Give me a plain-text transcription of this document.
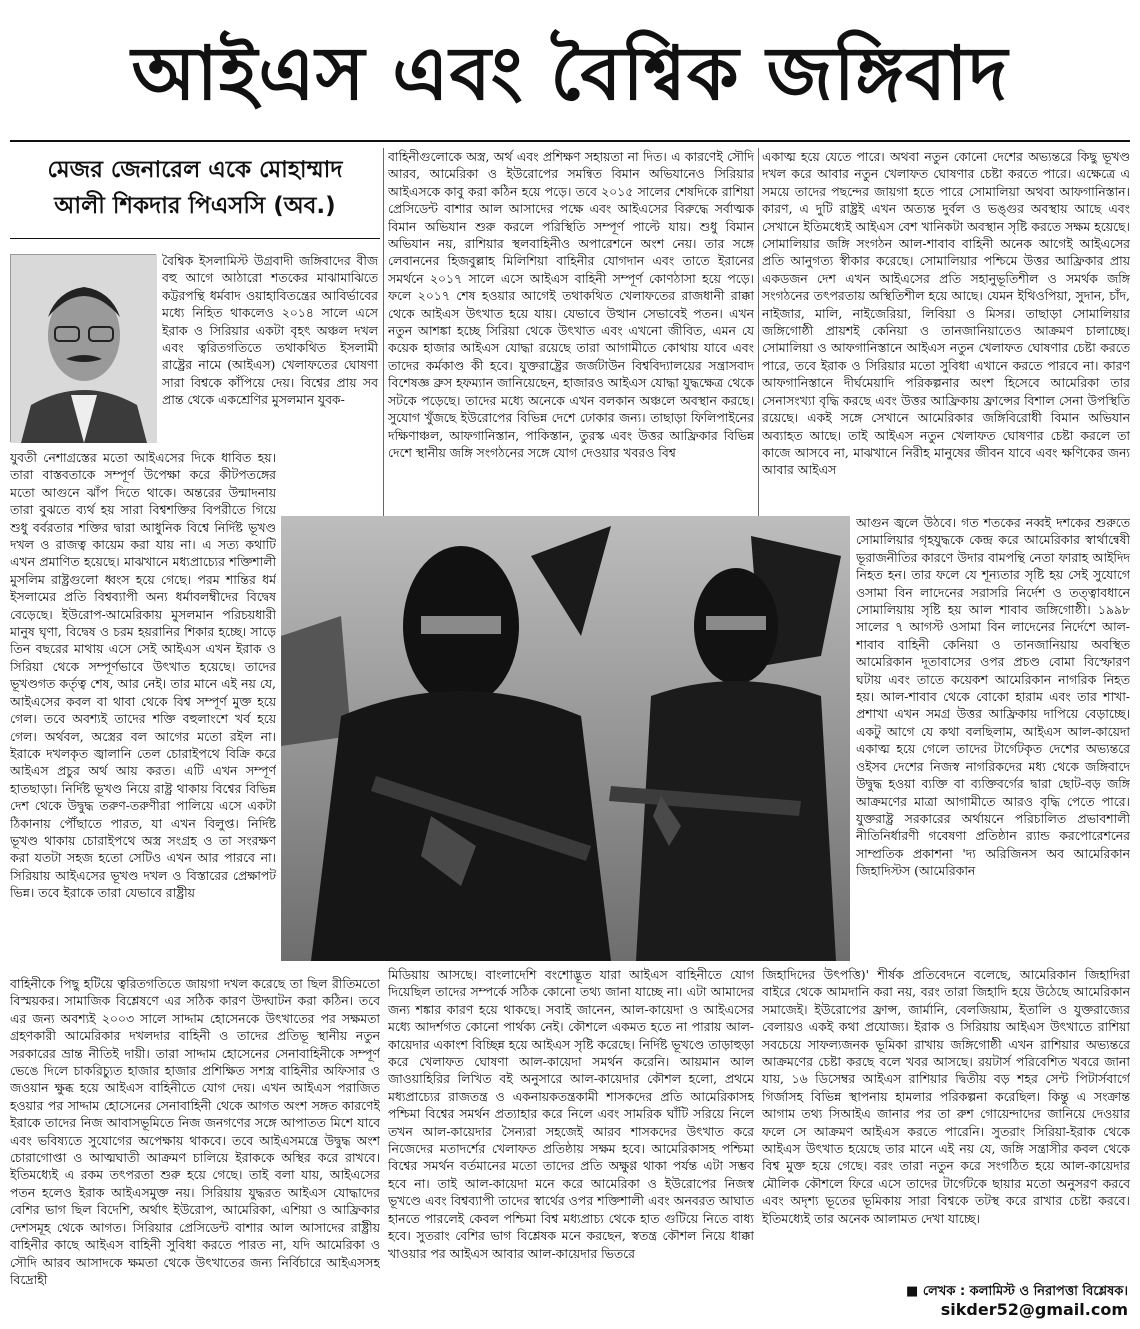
আইএস এবং বৈশ্বিক জঙ্গিবাদ
মেজর জেনারেল একে মোহাম্মাদ
আলী শিকদার পিএসসি (অব.)
বৈশ্বিক ইসলামিস্ট উগ্রবাদী জঙ্গিবাদের বীজ বহু আগে আঠারো শতকের মাঝামাঝিতে কট্টরপন্থি ধর্মবাদ ওয়াহাবিতন্ত্রের আবির্ভাবের মধ্যে নিহিত থাকলেও ২০১৪ সালে এসে ইরাক ও সিরিয়ার একটা বৃহৎ অঞ্চল দখল এবং ত্বরিতগতিতে তথাকথিত ইসলামী রাষ্ট্রের নামে (আইএস) খেলাফতের ঘোষণা সারা বিশ্বকে কাঁপিয়ে দেয়। বিশ্বের প্রায় সব প্রান্ত থেকে একশ্রেণির মুসলমান যুবক-
যুবতী নেশাগ্রস্তের মতো আইএসের দিকে ধাবিত হয়। তারা বাস্তবতাকে সম্পূর্ণ উপেক্ষা করে কীটপতঙ্গের মতো আগুনে ঝাঁপ দিতে থাকে। অন্তরের উন্মাদনায় তারা বুঝতে ব্যর্থ হয় সারা বিশ্বশক্তির বিপরীতে গিয়ে শুধু বর্বরতার শক্তির দ্বারা আধুনিক বিশ্বে নির্দিষ্ট ভূখণ্ড দখল ও রাজত্ব কায়েম করা যায় না। এ সত্য কথাটি এখন প্রমাণিত হয়েছে। মাঝখানে মধ্যপ্রাচ্যের শক্তিশালী মুসলিম রাষ্ট্রগুলো ধ্বংস হয়ে গেছে। পরম শান্তির ধর্ম ইসলামের প্রতি বিশ্বব্যাপী অন্য ধর্মাবলম্বীদের বিদ্বেষ বেড়েছে। ইউরোপ-আমেরিকায় মুসলমান পরিচয়ধারী মানুষ ঘৃণা, বিদ্বেষ ও চরম হয়রানির শিকার হচ্ছে। সাড়ে তিন বছরের মাথায় এসে সেই আইএস এখন ইরাক ও সিরিয়া থেকে সম্পূর্ণভাবে উৎখাত হয়েছে। তাদের ভূখণ্ডগত কর্তৃত্ব শেষ, আর নেই। তার মানে এই নয় যে, আইএসের কবল বা থাবা থেকে বিশ্ব সম্পূর্ণ মুক্ত হয়ে গেল। তবে অবশ্যই তাদের শক্তি বহুলাংশে খর্ব হয়ে গেল। অর্থবল, অস্ত্রের বল আগের মতো রইল না। ইরাকে দখলকৃত জ্বালানি তেল চোরাইপথে বিক্রি করে আইএস প্রচুর অর্থ আয় করত। এটি এখন সম্পূর্ণ হাতছাড়া। নির্দিষ্ট ভূখণ্ড নিয়ে রাষ্ট্র থাকায় বিশ্বের বিভিন্ন দেশ থেকে উদ্বুদ্ধ তরুণ-তরুণীরা পালিয়ে এসে একটা ঠিকানায় পৌঁছাতে পারত, যা এখন বিলুপ্ত। নির্দিষ্ট ভূখণ্ড থাকায় চোরাইপথে অস্ত্র সংগ্রহ ও তা সংরক্ষণ করা যতটা সহজ হতো সেটিও এখন আর পারবে না। সিরিয়ায় আইএসের ভূখণ্ড দখল ও বিস্তারের প্রেক্ষাপট ভিন্ন। তবে ইরাকে তারা যেভাবে রাষ্ট্রীয়
বাহিনীকে পিছু হটিয়ে ত্বরিতগতিতে জায়গা দখল করেছে তা ছিল রীতিমতো বিস্ময়কর। সামাজিক বিশ্লেষণে এর সঠিক কারণ উদ্ঘাটন করা কঠিন। তবে এর জন্য অবশ্যই ২০০৩ সালে সাদ্দাম হোসেনকে উৎখাতের পর সক্ষমতা গ্রহণকারী আমেরিকার দখলদার বাহিনী ও তাদের প্রতিভূ স্থানীয় নতুন সরকারের ভ্রান্ত নীতিই দায়ী। তারা সাদ্দাম হোসেনের সেনাবাহিনীকে সম্পূর্ণ ভেঙে দিলে চাকরিচ্যুত হাজার হাজার প্রশিক্ষিত সশস্ত্র বাহিনীর অফিসার ও জওয়ান ক্ষুব্ধ হয়ে আইএস বাহিনীতে যোগ দেয়। এখন আইএস পরাজিত হওয়ার পর সাদ্দাম হোসেনের সেনাবাহিনী থেকে আগত অংশ সঙ্গত কারণেই ইরাকে তাদের নিজ আবাসভূমিতে নিজ জনগণের সঙ্গে আপাতত মিশে যাবে এবং ভবিষ্যতে সুযোগের অপেক্ষায় থাকবে। তবে আইএসমন্ত্রে উদ্বুদ্ধ অংশ চোরাগোপ্তা ও আত্মঘাতী আক্রমণ চালিয়ে ইরাককে অস্থির করে রাখবে। ইতিমধ্যেই এ রকম তৎপরতা শুরু হয়ে গেছে। তাই বলা যায়, আইএসের পতন হলেও ইরাক আইএসমুক্ত নয়। সিরিয়ায় যুদ্ধরত আইএস যোদ্ধাদের বেশির ভাগ ছিল বিদেশি, অর্থাৎ ইউরোপ, আমেরিকা, এশিয়া ও আফ্রিকার দেশসমূহ থেকে আগত। সিরিয়ার প্রেসিডেন্ট বাশার আল আসাদের রাষ্ট্রীয় বাহিনীর কাছে আইএস বাহিনী সুবিধা করতে পারত না, যদি আমেরিকা ও সৌদি আরব আসাদকে ক্ষমতা থেকে উৎখাতের জন্য নির্বিচারে আইএসসহ বিদ্রোহী
বাহিনীগুলোকে অস্ত্র, অর্থ এবং প্রশিক্ষণ সহায়তা না দিত। এ কারণেই সৌদি আরব, আমেরিকা ও ইউরোপের সমন্বিত বিমান অভিযানেও সিরিয়ার আইএসকে কাবু করা কঠিন হয়ে পড়ে। তবে ২০১৫ সালের শেষদিকে রাশিয়া প্রেসিডেন্ট বাশার আল আসাদের পক্ষে এবং আইএসের বিরুদ্ধে সর্বাত্মক বিমান অভিযান শুরু করলে পরিস্থিতি সম্পূর্ণ পাল্টে যায়। শুধু বিমান অভিযান নয়, রাশিয়ার স্থলবাহিনীও অপারেশনে অংশ নেয়। তার সঙ্গে লেবাননের হিজবুল্লাহ মিলিশিয়া বাহিনীর যোগদান এবং তাতে ইরানের সমর্থনে ২০১৭ সালে এসে আইএস বাহিনী সম্পূর্ণ কোণঠাসা হয়ে পড়ে। ফলে ২০১৭ শেষ হওয়ার আগেই তথাকথিত খেলাফতের রাজধানী রাক্কা থেকে আইএস উৎখাত হয়ে যায়। যেভাবে উত্থান সেভাবেই পতন। এখন নতুন আশঙ্কা হচ্ছে সিরিয়া থেকে উৎখাত এবং এখনো জীবিত, এমন যে কয়েক হাজার আইএস যোদ্ধা রয়েছে তারা আগামীতে কোথায় যাবে এবং তাদের কর্মকাণ্ড কী হবে। যুক্তরাষ্ট্রের জর্জটাউন বিশ্ববিদ্যালয়ের সন্ত্রাসবাদ বিশেষজ্ঞ ব্রুস হফম্যান জানিয়েছেন, হাজারও আইএস যোদ্ধা যুদ্ধক্ষেত্র থেকে সটকে পড়েছে। তাদের মধ্যে অনেকে এখন বলকান অঞ্চলে অবস্থান করছে। সুযোগ খুঁজছে ইউরোপের বিভিন্ন দেশে ঢোকার জন্য। তাছাড়া ফিলিপাইনের দক্ষিণাঞ্চল, আফগানিস্তান, পাকিস্তান, তুরস্ক এবং উত্তর আফ্রিকার বিভিন্ন দেশে স্থানীয় জঙ্গি সংগঠনের সঙ্গে যোগ দেওয়ার খবরও বিশ্ব
মিডিয়ায় আসছে। বাংলাদেশি বংশোদ্ভূত যারা আইএস বাহিনীতে যোগ দিয়েছিল তাদের সম্পর্কে সঠিক কোনো তথ্য জানা যাচ্ছে না। এটা আমাদের জন্য শঙ্কার কারণ হয়ে থাকছে। সবাই জানেন, আল-কায়েদা ও আইএসের মধ্যে আদর্শগত কোনো পার্থক্য নেই। কৌশলে একমত হতে না পারায় আল-কায়েদার একাংশ বিচ্ছিন্ন হয়ে আইএস সৃষ্টি করেছে। নির্দিষ্ট ভূখণ্ডে তাড়াহুড়া করে খেলাফত ঘোষণা আল-কায়েদা সমর্থন করেনি। আয়মান আল জাওয়াহিরির লিখিত বই অনুসারে আল-কায়েদার কৌশল হলো, প্রথমে মধ্যপ্রাচ্যের রাজতন্ত্র ও একনায়কতন্ত্রকামী শাসকদের প্রতি আমেরিকাসহ পশ্চিমা বিশ্বের সমর্থন প্রত্যাহার করে নিলে এবং সামরিক ঘাঁটি সরিয়ে নিলে তখন আল-কায়েদার সৈন্যরা সহজেই আরব শাসকদের উৎখাত করে নিজেদের মতাদর্শের খেলাফত প্রতিষ্ঠায় সক্ষম হবে। আমেরিকাসহ পশ্চিমা বিশ্বের সমর্থন বর্তমানের মতো তাদের প্রতি অক্ষুণ্ণ থাকা পর্যন্ত এটা সম্ভব হবে না। তাই আল-কায়েদা মনে করে আমেরিকা ও ইউরোপের নিজস্ব ভূখণ্ডে এবং বিশ্বব্যাপী তাদের স্বার্থের ওপর শক্তিশালী এবং অনবরত আঘাত হানতে পারলেই কেবল পশ্চিমা বিশ্ব মধ্যপ্রাচ্য থেকে হাত গুটিয়ে নিতে বাধ্য হবে। সুতরাং বেশির ভাগ বিশ্লেষক মনে করছেন, স্বতন্ত্র কৌশল নিয়ে ধাক্কা খাওয়ার পর আইএস আবার আল-কায়েদার ভিতরে
একাত্ম হয়ে যেতে পারে। অথবা নতুন কোনো দেশের অভ্যন্তরে কিছু ভূখণ্ড দখল করে আবার নতুন খেলাফত ঘোষণার চেষ্টা করতে পারে। এক্ষেত্রে এ সময়ে তাদের পছন্দের জায়গা হতে পারে সোমালিয়া অথবা আফগানিস্তান। কারণ, এ দুটি রাষ্ট্রই এখন অত্যন্ত দুর্বল ও ভঙ্গুর অবস্থায় আছে এবং সেখানে ইতিমধ্যেই আইএস বেশ খানিকটা অবস্থান সৃষ্টি করতে সক্ষম হয়েছে। সোমালিয়ার জঙ্গি সংগঠন আল-শাবাব বাহিনী অনেক আগেই আইএসের প্রতি আনুগত্য স্বীকার করেছে। সোমালিয়ার পশ্চিমে উত্তর আফ্রিকার প্রায় একডজন দেশ এখন আইএসের প্রতি সহানুভূতিশীল ও সমর্থক জঙ্গি সংগঠনের তৎপরতায় অস্থিতিশীল হয়ে আছে। যেমন ইথিওপিয়া, সুদান, চাঁদ, নাইজার, মালি, নাইজেরিয়া, লিবিয়া ও মিসর। তাছাড়া সোমালিয়ার জঙ্গিগোষ্ঠী প্রায়শই কেনিয়া ও তানজানিয়াতেও আক্রমণ চালাচ্ছে। সোমালিয়া ও আফগানিস্তানে আইএস নতুন খেলাফত ঘোষণার চেষ্টা করতে পারে, তবে ইরাক ও সিরিয়ার মতো সুবিধা এখানে করতে পারবে না। কারণ আফগানিস্তানে দীর্ঘমেয়াদি পরিকল্পনার অংশ হিসেবে আমেরিকা তার সেনাসংখ্যা বৃদ্ধি করছে এবং উত্তর আফ্রিকায় ফ্রান্সের বিশাল সেনা উপস্থিতি রয়েছে। একই সঙ্গে সেখানে আমেরিকার জঙ্গিবিরোধী বিমান অভিযান অব্যাহত আছে। তাই আইএস নতুন খেলাফত ঘোষণার চেষ্টা করলে তা কাজে আসবে না, মাঝখানে নিরীহ মানুষের জীবন যাবে এবং ক্ষণিকের জন্য আবার আইএস
আগুন জ্বলে উঠবে। গত শতকের নব্বই দশকের শুরুতে সোমালিয়ার গৃহযুদ্ধকে কেন্দ্র করে আমেরিকার স্বার্থান্বেষী ভূরাজনীতির কারণে উদার বামপন্থি নেতা ফারাহ আইদিদ নিহত হন। তার ফলে যে শূন্যতার সৃষ্টি হয় সেই সুযোগে ওসামা বিন লাদেনের সরাসরি নির্দেশ ও তত্ত্বাবধানে সোমালিয়ায় সৃষ্টি হয় আল শাবাব জঙ্গিগোষ্ঠী। ১৯৯৮ সালের ৭ আগস্ট ওসামা বিন লাদেনের নির্দেশে আল-শাবাব বাহিনী কেনিয়া ও তানজানিয়ায় অবস্থিত আমেরিকান দূতাবাসের ওপর প্রচণ্ড বোমা বিস্ফোরণ ঘটায় এবং তাতে কয়েকশ আমেরিকান নাগরিক নিহত হয়। আল-শাবাব থেকে বোকো হারাম এবং তার শাখা-প্রশাখা এখন সমগ্র উত্তর আফ্রিকায় দাপিয়ে বেড়াচ্ছে। একটু আগে যে কথা বলছিলাম, আইএস আল-কায়েদা একাত্ম হয়ে গেলে তাদের টার্গেটকৃত দেশের অভ্যন্তরে ওইসব দেশের নিজস্ব নাগরিকদের মধ্য থেকে জঙ্গিবাদে উদ্বুদ্ধ হওয়া ব্যক্তি বা ব্যক্তিবর্গের দ্বারা ছোট-বড় জঙ্গি আক্রমণের মাত্রা আগামীতে আরও বৃদ্ধি পেতে পারে। যুক্তরাষ্ট্র সরকারের অর্থায়নে পরিচালিত প্রভাবশালী নীতিনির্ধারণী গবেষণা প্রতিষ্ঠান র‌্যান্ড করপোরেশনের সাম্প্রতিক প্রকাশনা 'দ্য অরিজিনস অব আমেরিকান জিহাদিস্টস (আমেরিকান
জিহাদিদের উৎপত্তি)' শীর্ষক প্রতিবেদনে বলেছে, আমেরিকান জিহাদিরা বাইরে থেকে আমদানি করা নয়, বরং তারা জিহাদি হয়ে উঠেছে আমেরিকান সমাজেই। ইউরোপের ফ্রান্স, জার্মানি, বেলজিয়াম, ইতালি ও যুক্তরাজ্যের বেলায়ও একই কথা প্রযোজ্য। ইরাক ও সিরিয়ায় আইএস উৎখাতে রাশিয়া সবচেয়ে সাফল্যজনক ভূমিকা রাখায় জঙ্গিগোষ্ঠী এখন রাশিয়ার অভ্যন্তরে আক্রমণের চেষ্টা করছে বলে খবর আসছে। রয়টার্স পরিবেশিত খবরে জানা যায়, ১৬ ডিসেম্বর আইএস রাশিয়ার দ্বিতীয় বড় শহর সেন্ট পিটার্সবার্গে গির্জাসহ বিভিন্ন স্থাপনায় হামলার পরিকল্পনা করেছিল। কিন্তু এ সংক্রান্ত আগাম তথ্য সিআইএ জানার পর তা রুশ গোয়েন্দাদের জানিয়ে দেওয়ার ফলে সে আক্রমণ আইএস করতে পারেনি। সুতরাং সিরিয়া-ইরাক থেকে আইএস উৎখাত হয়েছে তার মানে এই নয় যে, জঙ্গি সন্ত্রাসীর কবল থেকে বিশ্ব মুক্ত হয়ে গেছে। বরং তারা নতুন করে সংগঠিত হয়ে আল-কায়েদার মৌলিক কৌশলে ফিরে এসে তাদের টার্গেটকে ছায়ার মতো অনুসরণ করবে এবং অদৃশ্য ভূতের ভূমিকায় সারা বিশ্বকে তটস্থ করে রাখার চেষ্টা করবে। ইতিমধ্যেই তার অনেক আলামত দেখা যাচ্ছে।
■ লেখক : কলামিস্ট ও নিরাপত্তা বিশ্লেষক।
sikder52@gmail.com
